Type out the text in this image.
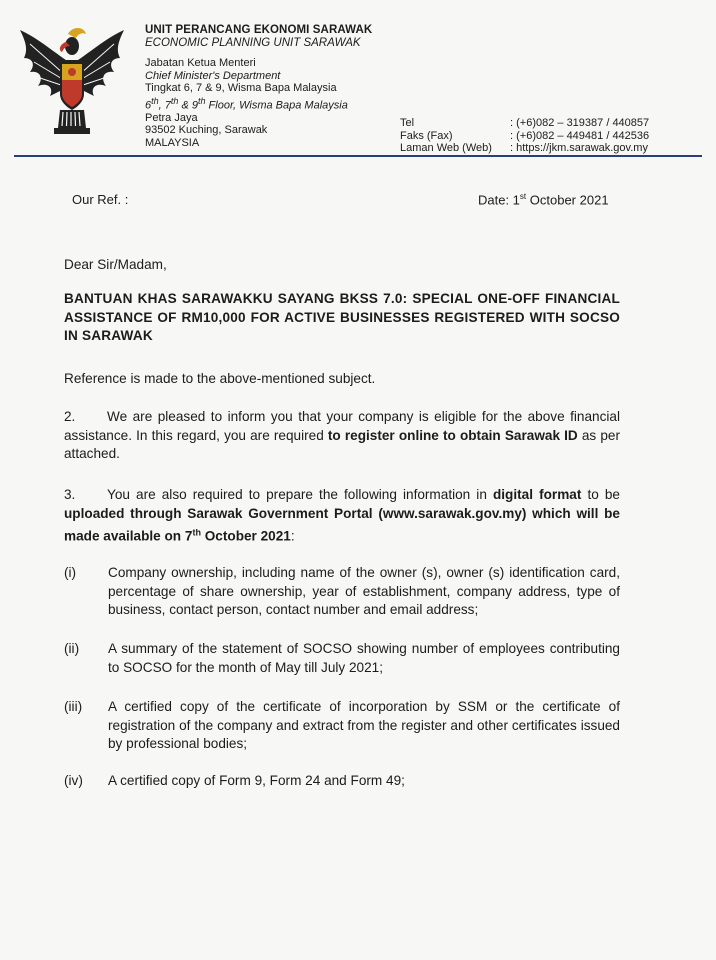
UNIT PERANCANG EKONOMI SARAWAK
ECONOMIC PLANNING UNIT SARAWAK
Jabatan Ketua Menteri
Chief Minister's Department
Tingkat 6, 7 & 9, Wisma Bapa Malaysia
6th, 7th & 9th Floor, Wisma Bapa Malaysia
Petra Jaya
93502 Kuching, Sarawak
MALAYSIA
Tel	: (+6)082 – 319387 / 440857
Faks (Fax)	: (+6)082 – 449481 / 442536
Laman Web (Web)	: https://jkm.sarawak.gov.my
Our Ref. :	Date: 1st October 2021
Dear Sir/Madam,
BANTUAN KHAS SARAWAKKU SAYANG BKSS 7.0: SPECIAL ONE-OFF FINANCIAL ASSISTANCE OF RM10,000 FOR ACTIVE BUSINESSES REGISTERED WITH SOCSO IN SARAWAK
Reference is made to the above-mentioned subject.
2. We are pleased to inform you that your company is eligible for the above financial assistance. In this regard, you are required to register online to obtain Sarawak ID as per attached.
3. You are also required to prepare the following information in digital format to be uploaded through Sarawak Government Portal (www.sarawak.gov.my) which will be made available on 7th October 2021:
(i)	Company ownership, including name of the owner (s), owner (s) identification card, percentage of share ownership, year of establishment, company address, type of business, contact person, contact number and email address;
(ii)	A summary of the statement of SOCSO showing number of employees contributing to SOCSO for the month of May till July 2021;
(iii)	A certified copy of the certificate of incorporation by SSM or the certificate of registration of the company and extract from the register and other certificates issued by professional bodies;
(iv)	A certified copy of Form 9, Form 24 and Form 49;
